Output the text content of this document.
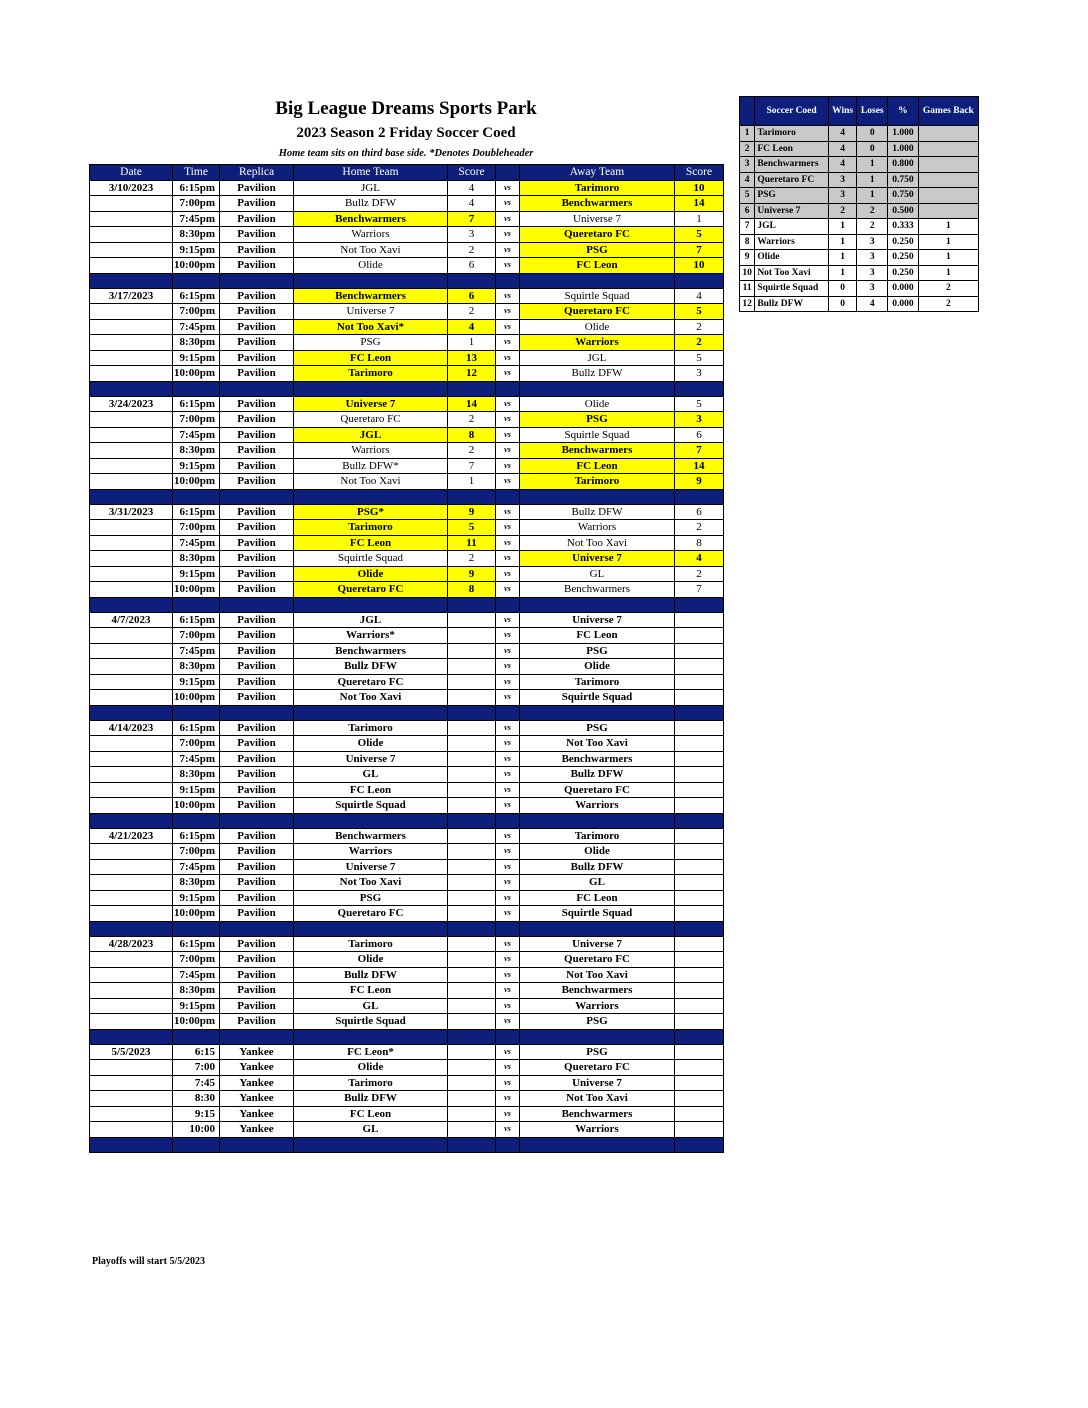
Big League Dreams Sports Park
2023 Season 2 Friday Soccer Coed
Home team sits on third base side. *Denotes Doubleheader
Date	Time	Replica	Home Team	Score		Away Team	Score
3/10/2023	6:15pm	Pavilion	JGL	4	vs	Tarimoro	10
	7:00pm	Pavilion	Bullz DFW	4	vs	Benchwarmers	14
	7:45pm	Pavilion	Benchwarmers	7	vs	Universe 7	1
	8:30pm	Pavilion	Warriors	3	vs	Queretaro FC	5
	9:15pm	Pavilion	Not Too Xavi	2	vs	PSG	7
	10:00pm	Pavilion	Olide	6	vs	FC Leon	10

3/17/2023	6:15pm	Pavilion	Benchwarmers	6	vs	Squirtle Squad	4
	7:00pm	Pavilion	Universe 7	2	vs	Queretaro FC	5
	7:45pm	Pavilion	Not Too Xavi*	4	vs	Olide	2
	8:30pm	Pavilion	PSG	1	vs	Warriors	2
	9:15pm	Pavilion	FC Leon	13	vs	JGL	5
	10:00pm	Pavilion	Tarimoro	12	vs	Bullz DFW	3

3/24/2023	6:15pm	Pavilion	Universe 7	14	vs	Olide	5
	7:00pm	Pavilion	Queretaro FC	2	vs	PSG	3
	7:45pm	Pavilion	JGL	8	vs	Squirtle Squad	6
	8:30pm	Pavilion	Warriors	2	vs	Benchwarmers	7
	9:15pm	Pavilion	Bullz DFW*	7	vs	FC Leon	14
	10:00pm	Pavilion	Not Too Xavi	1	vs	Tarimoro	9

3/31/2023	6:15pm	Pavilion	PSG*	9	vs	Bullz DFW	6
	7:00pm	Pavilion	Tarimoro	5	vs	Warriors	2
	7:45pm	Pavilion	FC Leon	11	vs	Not Too Xavi	8
	8:30pm	Pavilion	Squirtle Squad	2	vs	Universe 7	4
	9:15pm	Pavilion	Olide	9	vs	GL	2
	10:00pm	Pavilion	Queretaro FC	8	vs	Benchwarmers	7

4/7/2023	6:15pm	Pavilion	JGL		vs	Universe 7	
	7:00pm	Pavilion	Warriors*		vs	FC Leon	
	7:45pm	Pavilion	Benchwarmers		vs	PSG	
	8:30pm	Pavilion	Bullz DFW		vs	Olide	
	9:15pm	Pavilion	Queretaro FC		vs	Tarimoro	
	10:00pm	Pavilion	Not Too Xavi		vs	Squirtle Squad	

4/14/2023	6:15pm	Pavilion	Tarimoro		vs	PSG	
	7:00pm	Pavilion	Olide		vs	Not Too Xavi	
	7:45pm	Pavilion	Universe 7		vs	Benchwarmers	
	8:30pm	Pavilion	GL		vs	Bullz DFW	
	9:15pm	Pavilion	FC Leon		vs	Queretaro FC	
	10:00pm	Pavilion	Squirtle Squad		vs	Warriors	

4/21/2023	6:15pm	Pavilion	Benchwarmers		vs	Tarimoro	
	7:00pm	Pavilion	Warriors		vs	Olide	
	7:45pm	Pavilion	Universe 7		vs	Bullz DFW	
	8:30pm	Pavilion	Not Too Xavi		vs	GL	
	9:15pm	Pavilion	PSG		vs	FC Leon	
	10:00pm	Pavilion	Queretaro FC		vs	Squirtle Squad	

4/28/2023	6:15pm	Pavilion	Tarimoro		vs	Universe 7	
	7:00pm	Pavilion	Olide		vs	Queretaro FC	
	7:45pm	Pavilion	Bullz DFW		vs	Not Too Xavi	
	8:30pm	Pavilion	FC Leon		vs	Benchwarmers	
	9:15pm	Pavilion	GL		vs	Warriors	
	10:00pm	Pavilion	Squirtle Squad		vs	PSG	

5/5/2023	6:15	Yankee	FC Leon*		vs	PSG	
	7:00	Yankee	Olide		vs	Queretaro FC	
	7:45	Yankee	Tarimoro		vs	Universe 7	
	8:30	Yankee	Bullz DFW		vs	Not Too Xavi	
	9:15	Yankee	FC Leon		vs	Benchwarmers	
	10:00	Yankee	GL		vs	Warriors	

	Soccer Coed	Wins	Loses	%	Games Back
1	Tarimoro	4	0	1.000	
2	FC Leon	4	0	1.000	
3	Benchwarmers	4	1	0.800	
4	Queretaro FC	3	1	0.750	
5	PSG	3	1	0.750	
6	Universe 7	2	2	0.500	
7	JGL	1	2	0.333	1
8	Warriors	1	3	0.250	1
9	Olide	1	3	0.250	1
10	Not Too Xavi	1	3	0.250	1
11	Squirtle Squad	0	3	0.000	2
12	Bullz DFW	0	4	0.000	2
Playoffs will start 5/5/2023
